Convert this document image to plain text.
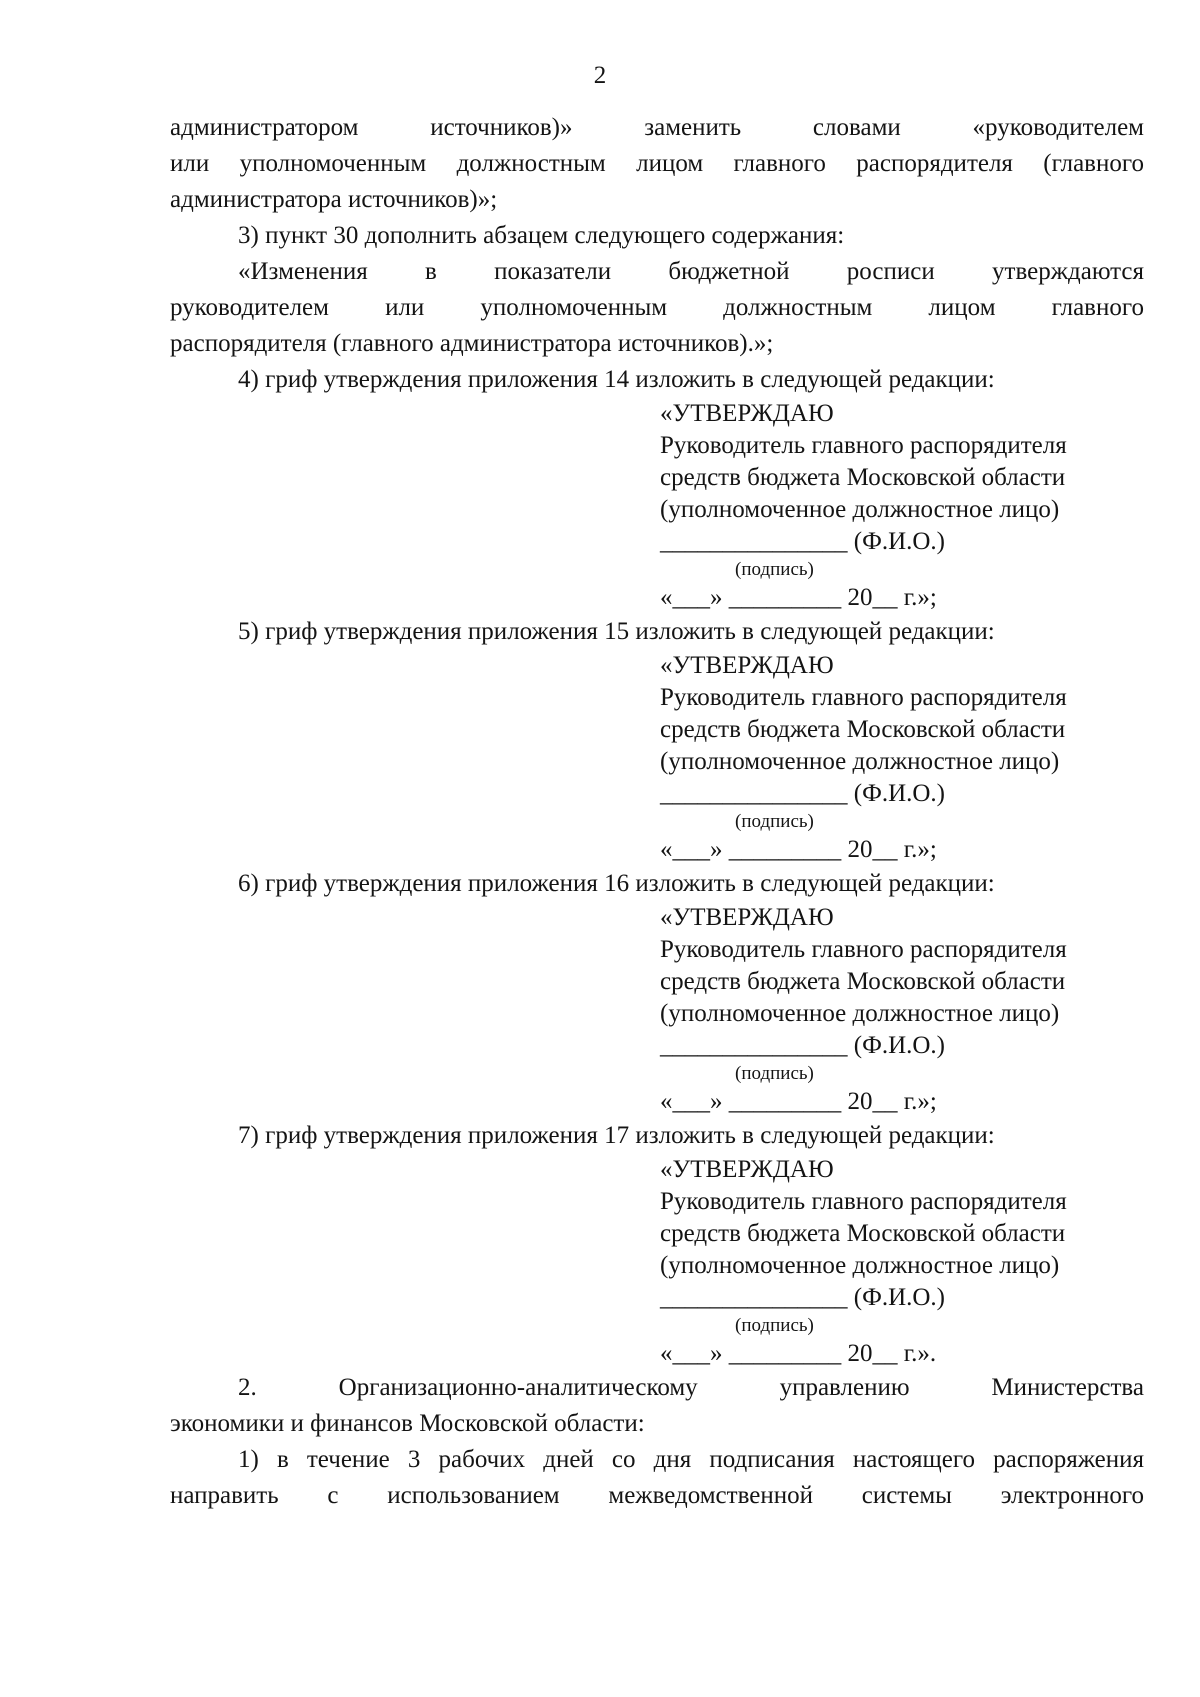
2
администратором источников)» заменить словами «руководителем
или уполномоченным должностным лицом главного распорядителя (главного
администратора источников)»;
3) пункт 30 дополнить абзацем следующего содержания:
«Изменения в показатели бюджетной росписи утверждаются
руководителем или уполномоченным должностным лицом главного
распорядителя (главного администратора источников).»;
4) гриф утверждения приложения 14 изложить в следующей редакции:
«УТВЕРЖДАЮ
Руководитель главного распорядителя
средств бюджета Московской области
(уполномоченное должностное лицо)
_______________ (Ф.И.О.)
(подпись)
«___» _________ 20__ г.»;
5) гриф утверждения приложения 15 изложить в следующей редакции:
«УТВЕРЖДАЮ
Руководитель главного распорядителя
средств бюджета Московской области
(уполномоченное должностное лицо)
_______________ (Ф.И.О.)
(подпись)
«___» _________ 20__ г.»;
6) гриф утверждения приложения 16 изложить в следующей редакции:
«УТВЕРЖДАЮ
Руководитель главного распорядителя
средств бюджета Московской области
(уполномоченное должностное лицо)
_______________ (Ф.И.О.)
(подпись)
«___» _________ 20__ г.»;
7) гриф утверждения приложения 17 изложить в следующей редакции:
«УТВЕРЖДАЮ
Руководитель главного распорядителя
средств бюджета Московской области
(уполномоченное должностное лицо)
_______________ (Ф.И.О.)
(подпись)
«___» _________ 20__ г.».
2. Организационно-аналитическому управлению Министерства
экономики и финансов Московской области:
1) в течение 3 рабочих дней со дня подписания настоящего распоряжения
направить с использованием межведомственной системы электронного
